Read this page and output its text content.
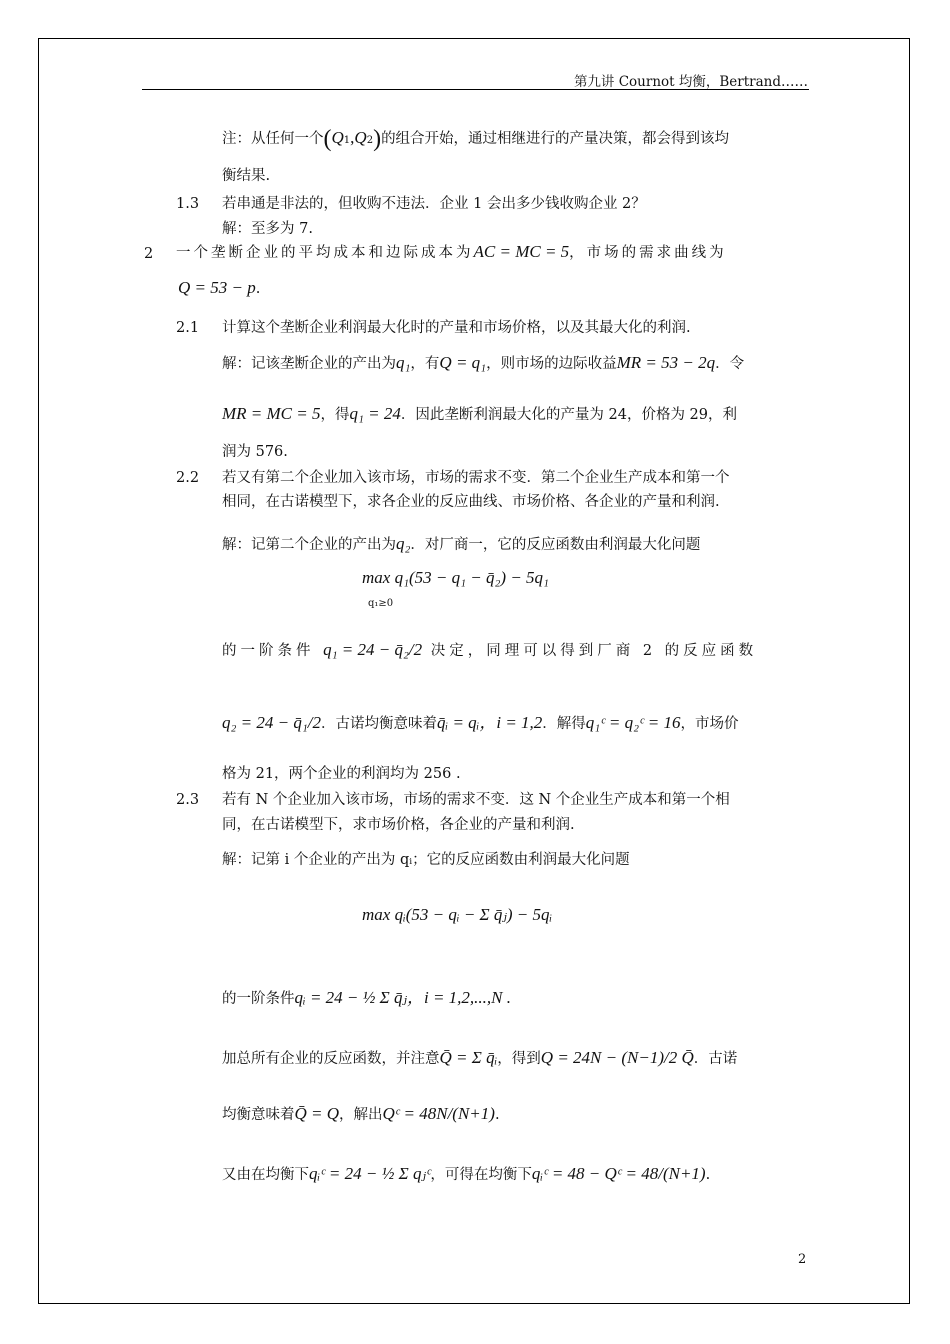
第九讲 Cournot 均衡，Bertrand……
注：从任何一个(Q1,Q2)的组合开始，通过相继进行的产量决策，都会得到该均
衡结果.
1.3 若串通是非法的，但收购不违法．企业 1 会出多少钱收购企业 2？
解：至多为 7.
2 一个垄断企业的平均成本和边际成本为AC = MC = 5，市场的需求曲线为
Q = 53 − p.
2.1 计算这个垄断企业利润最大化时的产量和市场价格，以及其最大化的利润.
解：记该垄断企业的产出为q₁，有Q = q₁，则市场的边际收益MR = 53 − 2q．令
MR = MC = 5，得q₁ = 24．因此垄断利润最大化的产量为 24，价格为 29，利
润为 576.
2.2 若又有第二个企业加入该市场，市场的需求不变．第二个企业生产成本和第一个
相同，在古诺模型下，求各企业的反应曲线、市场价格、各企业的产量和利润.
解：记第二个企业的产出为q₂．对厂商一，它的反应函数由利润最大化问题
max q₁(53 − q₁ − q̄₂) − 5q₁
q₁≥0
的一阶条件 q₁ = 24 − q̄₂/2 决定，同理可以得到厂商 2 的反应函数
q₂ = 24 − q̄₁/2．古诺均衡意味着q̄ᵢ = qᵢ，i = 1,2．解得q₁ᶜ = q₂ᶜ = 16，市场价
格为 21，两个企业的利润均为 256 .
2.3 若有 N 个企业加入该市场，市场的需求不变．这 N 个企业生产成本和第一个相
同，在古诺模型下，求市场价格，各企业的产量和利润.
解：记第 i 个企业的产出为 qᵢ；它的反应函数由利润最大化问题
max qᵢ(53 − qᵢ − Σ q̄ⱼ) − 5qᵢ
的一阶条件qᵢ = 24 − ½ Σ q̄ⱼ，i = 1,2,...,N .
加总所有企业的反应函数，并注意Q̄ = Σ q̄ᵢ，得到Q = 24N − (N−1)/2 Q̄．古诺
均衡意味着Q̄ = Q，解出Qᶜ = 48N/(N+1).
又由在均衡下qᵢᶜ = 24 − ½ Σ qⱼᶜ，可得在均衡下qᵢᶜ = 48 − Qᶜ = 48/(N+1).
2
